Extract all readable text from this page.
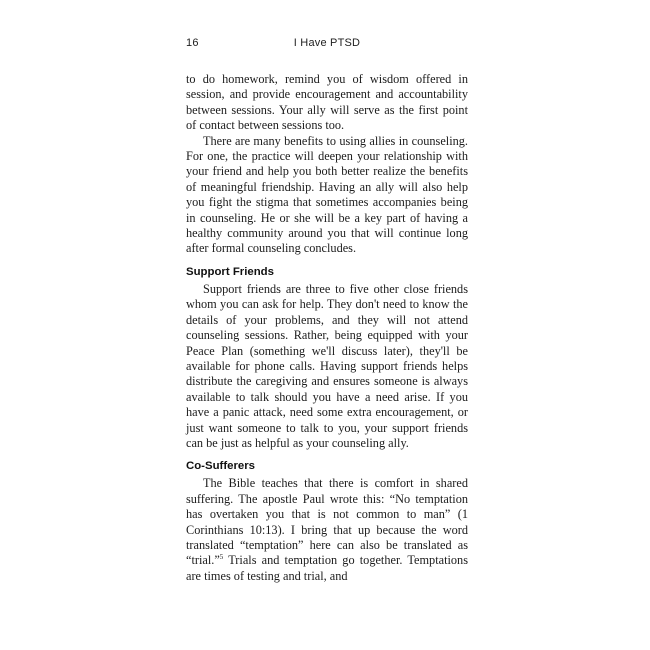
16	I Have PTSD

to do homework, remind you of wisdom offered in session, and provide encouragement and accountability between sessions. Your ally will serve as the first point of contact between sessions too.

There are many benefits to using allies in counseling. For one, the practice will deepen your relationship with your friend and help you both better realize the benefits of meaningful friendship. Having an ally will also help you fight the stigma that sometimes accompanies being in counseling. He or she will be a key part of having a healthy community around you that will continue long after formal counseling concludes.

Support Friends

Support friends are three to five other close friends whom you can ask for help. They don't need to know the details of your problems, and they will not attend counseling sessions. Rather, being equipped with your Peace Plan (something we'll discuss later), they'll be available for phone calls. Having support friends helps distribute the caregiving and ensures someone is always available to talk should you have a need arise. If you have a panic attack, need some extra encouragement, or just want someone to talk to you, your support friends can be just as helpful as your counseling ally.

Co-Sufferers

The Bible teaches that there is comfort in shared suffering. The apostle Paul wrote this: “No temptation has overtaken you that is not common to man” (1 Corinthians 10:13). I bring that up because the word translated “temptation” here can also be translated as “trial.”$^5$ Trials and temptation go together. Temptations are times of testing and trial, and
